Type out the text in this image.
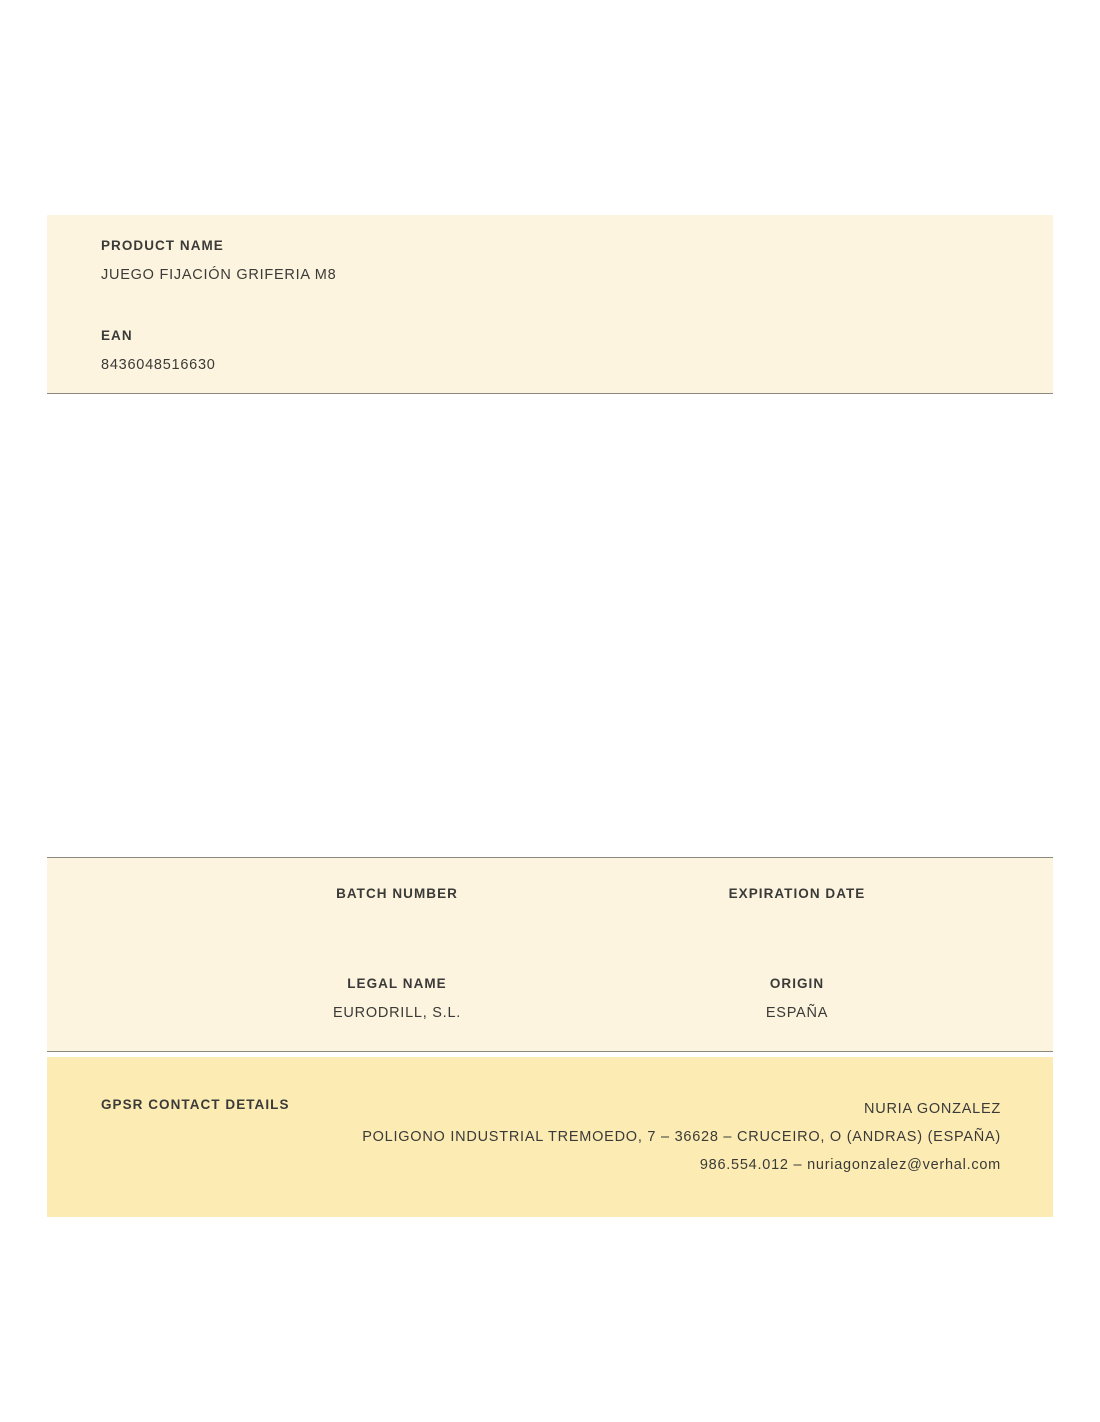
PRODUCT NAME
JUEGO FIJACIÓN GRIFERIA M8
EAN
8436048516630
BATCH NUMBER	EXPIRATION DATE
LEGAL NAME
EURODRILL, S.L.
ORIGIN
ESPAÑA
GPSR CONTACT DETAILS	NURIA GONZALEZ
POLIGONO INDUSTRIAL TREMOEDO, 7 – 36628 – CRUCEIRO, O (ANDRAS) (ESPAÑA)
986.554.012 – nuriagonzalez@verhal.com
